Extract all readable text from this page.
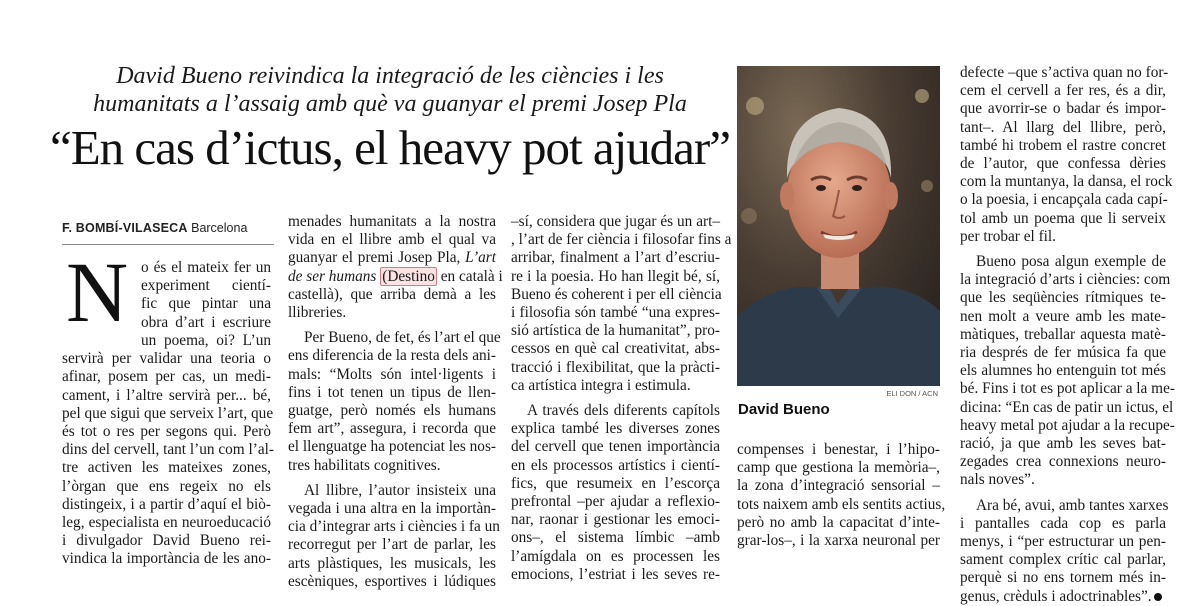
David Bueno reivindica la integració de les ciències i les
humanitats a l’assaig amb què va guanyar el premi Josep Pla
“En cas d’ictus, el heavy pot ajudar”
F. BOMBÍ-VILASECA Barcelona
N o és el mateix fer un
experiment cientí-
fic que pintar una
obra d’art i escriure
un poema, oi? L’un
servirà per validar una teoria o
afinar, posem per cas, un medi-
cament, i l’altre servirà per... bé,
pel que sigui que serveix l’art, que
és tot o res per segons qui. Però
dins del cervell, tant l’un com l’al-
tre activen les mateixes zones,
l’òrgan que ens regeix no els
distingeix, i a partir d’aquí el biò-
leg, especialista en neuroeducació
i divulgador David Bueno rei-
vindica la importància de les ano-
menades humanitats a la nostra
vida en el llibre amb el qual va
guanyar el premi Josep Pla, L’art
de ser humans (Destino en català i
castellà), que arriba demà a les
llibreries.
Per Bueno, de fet, és l’art el que
ens diferencia de la resta dels ani-
mals: “Molts són intel·ligents i
fins i tot tenen un tipus de llen-
guatge, però només els humans
fem art”, assegura, i recorda que
el llenguatge ha potenciat les nos-
tres habilitats cognitives.
Al llibre, l’autor insisteix una
vegada i una altra en la importàn-
cia d’integrar arts i ciències i fa un
recorregut per l’art de parlar, les
arts plàstiques, les musicals, les
escèniques, esportives i lúdiques
–sí, considera que jugar és un art–
, l’art de fer ciència i filosofar fins a
arribar, finalment a l’art d’escriu-
re i la poesia. Ho han llegit bé, sí,
Bueno és coherent i per ell ciència
i filosofia són també “una expres-
sió artística de la humanitat”, pro-
cessos en què cal creativitat, abs-
tracció i flexibilitat, que la pràcti-
ca artística integra i estimula.
A través dels diferents capítols
explica també les diverses zones
del cervell que tenen importància
en els processos artístics i cientí-
fics, que resumeix en l’escorça
prefrontal –per ajudar a reflexio-
nar, raonar i gestionar les emoci-
ons–, el sistema límbic –amb
l’amígdala on es processen les
emocions, l’estriat i les seves re-
ELI DON / ACN
David Bueno
compenses i benestar, i l’hipo-
camp que gestiona la memòria–,
la zona d’integració sensorial –
tots naixem amb els sentits actius,
però no amb la capacitat d’inte-
grar-los–, i la xarxa neuronal per
defecte –que s’activa quan no for-
cem el cervell a fer res, és a dir,
que avorrir-se o badar és impor-
tant–. Al llarg del llibre, però,
també hi trobem el rastre concret
de l’autor, que confessa dèries
com la muntanya, la dansa, el rock
o la poesia, i encapçala cada capí-
tol amb un poema que li serveix
per trobar el fil.
Bueno posa algun exemple de
la integració d’arts i ciències: com
que les seqüències rítmiques te-
nen molt a veure amb les mate-
màtiques, treballar aquesta matè-
ria després de fer música fa que
els alumnes ho entenguin tot més
bé. Fins i tot es pot aplicar a la me-
dicina: “En cas de patir un ictus, el
heavy metal pot ajudar a la recupe-
ració, ja que amb les seves bat-
zegades crea connexions neuro-
nals noves”.
Ara bé, avui, amb tantes xarxes
i pantalles cada cop es parla
menys, i “per estructurar un pen-
sament complex crític cal parlar,
perquè si no ens tornem més in-
genus, crèduls i adoctrinables”.
